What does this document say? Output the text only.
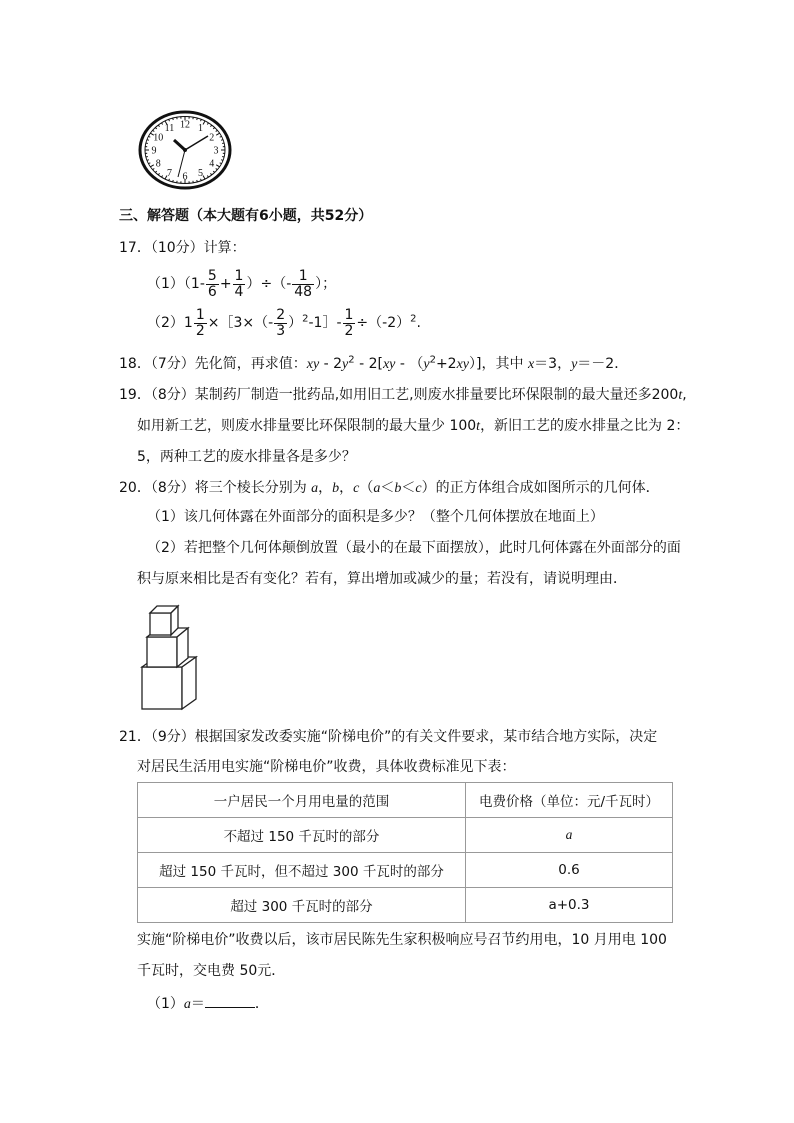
12 1
2
3
4
5
6
7
8
9
10
11
三、解答题（本大题有6小题，共52分）
17．（10分）计算：
$(1)(1- \frac{5}{6} + \frac{1}{4}$ ）÷（- $\frac{1}{48}$ ）；
$(2)1 \frac{1}{2}$ ×［3×（- $\frac{2}{3}$ ）$^2$-1］- $\frac{1}{2} \div(-2)^2$.
18．（7分）先化简，再求值：xy - $2y^2 - 2[xy - (y^2+2xy)]$，其中 x＝3，y＝－2．
19．（8分）某制药厂制造一批药品,如用旧工艺,则废水排量要比环保限制的最大量还多200t,
如用新工艺，则废水排量要比环保限制的最大量少 100t，新旧工艺的废水排量之比为 2：
5，两种工艺的废水排量各是多少？
20．（8分）将三个棱长分别为 a，b，c（a＜b＜c）的正方体组合成如图所示的几何体．
（1）该几何体露在外面部分的面积是多少？（整个几何体摆放在地面上）
（2）若把整个几何体颠倒放置（最小的在最下面摆放），此时几何体露在外面部分的面
积与原来相比是否有变化？若有，算出增加或减少的量；若没有，请说明理由．
21．（9分）根据国家发改委实施“阶梯电价”的有关文件要求，某市结合地方实际，决定
对居民生活用电实施“阶梯电价”收费，具体收费标准见下表：
一户居民一个月用电量的范围	电费价格（单位：元/千瓦时）
不超过 150 千瓦时的部分	a
超过 150 千瓦时，但不超过 300 千瓦时的部分	0.6
超过 300 千瓦时的部分	a+0.3
实施“阶梯电价”收费以后，该市居民陈先生家积极响应号召节约用电，10 月用电 100
千瓦时，交电费 50元．
（1）a＝	．
